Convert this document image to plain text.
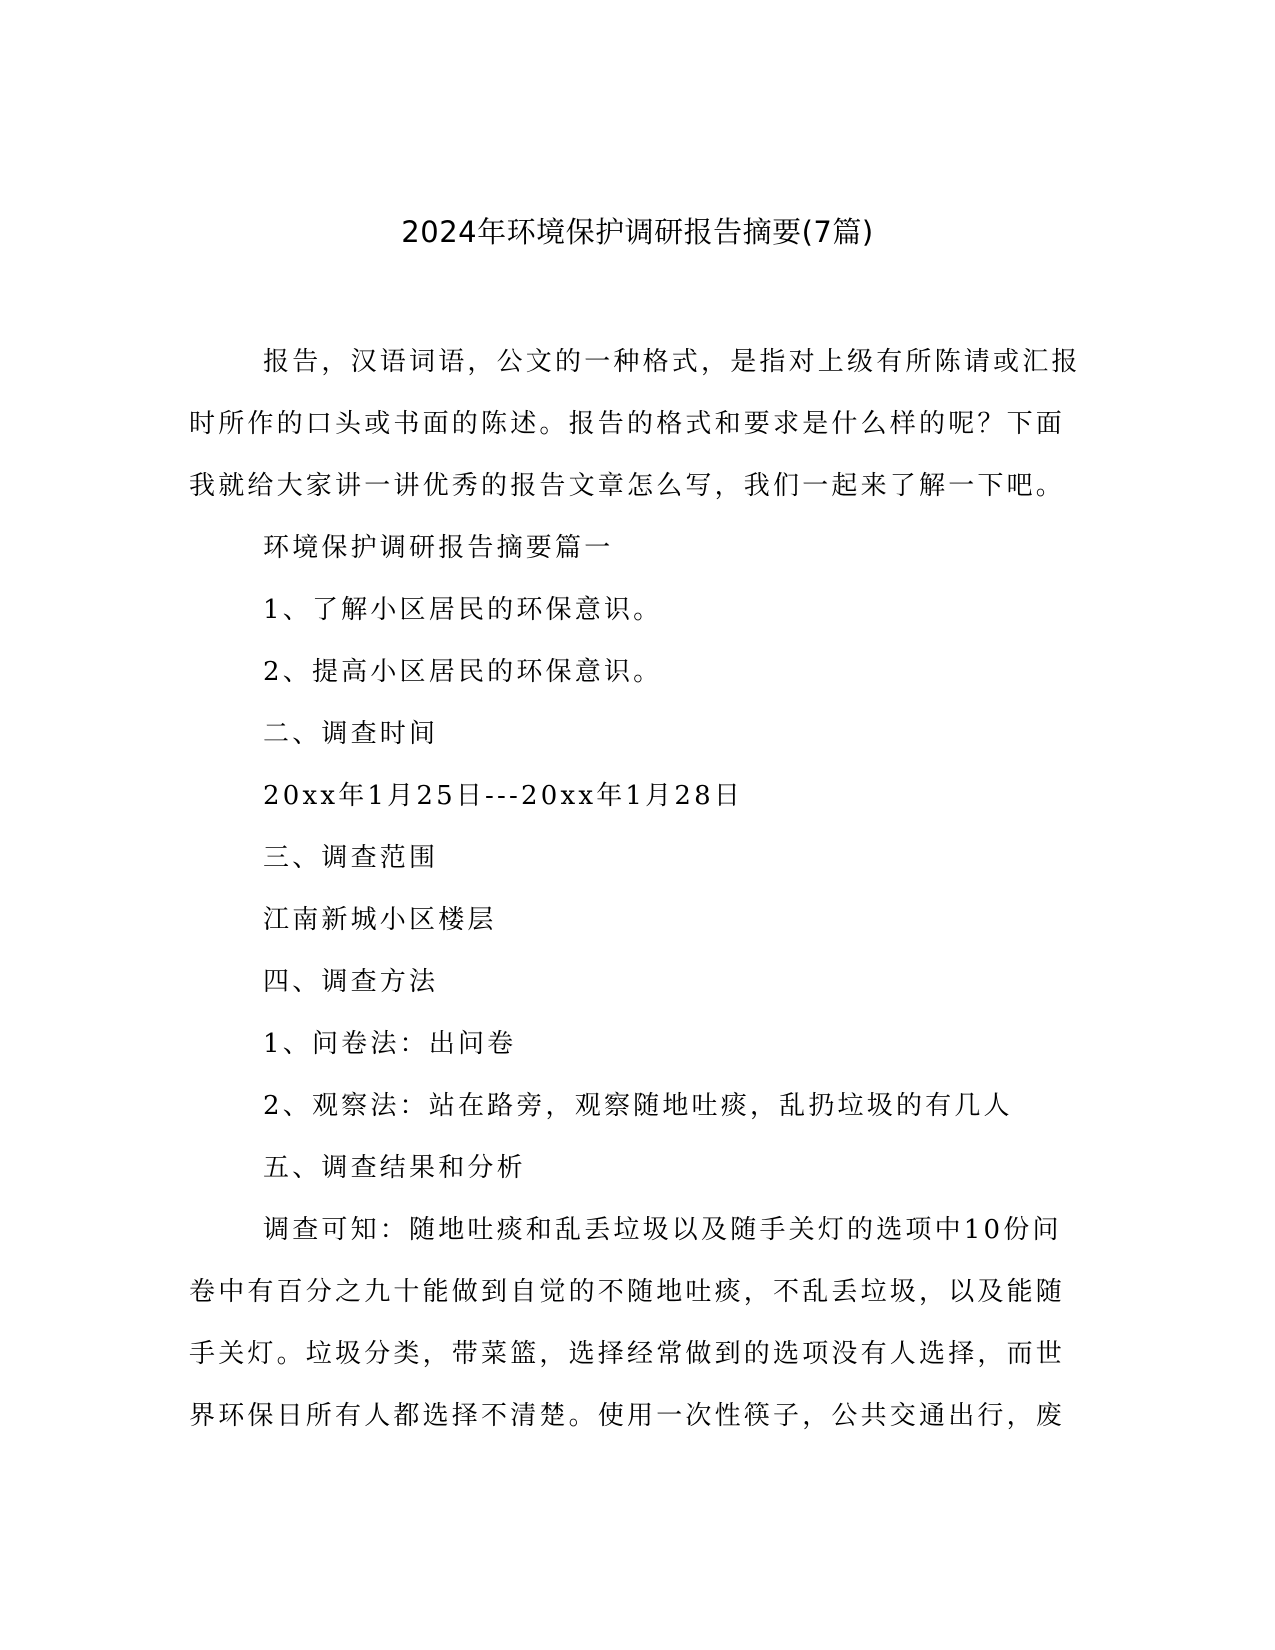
2024年环境保护调研报告摘要(7篇)

报告，汉语词语，公文的一种格式，是指对上级有所陈请或汇报
时所作的口头或书面的陈述。报告的格式和要求是什么样的呢？下面
我就给大家讲一讲优秀的报告文章怎么写，我们一起来了解一下吧。

环境保护调研报告摘要篇一

1、了解小区居民的环保意识。

2、提高小区居民的环保意识。

二、调查时间

20xx年1月25日---20xx年1月28日

三、调查范围

江南新城小区楼层

四、调查方法

1、问卷法：出问卷

2、观察法：站在路旁，观察随地吐痰，乱扔垃圾的有几人

五、调查结果和分析

调查可知：随地吐痰和乱丢垃圾以及随手关灯的选项中10份问
卷中有百分之九十能做到自觉的不随地吐痰，不乱丢垃圾，以及能随
手关灯。垃圾分类，带菜篮，选择经常做到的选项没有人选择，而世
界环保日所有人都选择不清楚。使用一次性筷子，公共交通出行，废
